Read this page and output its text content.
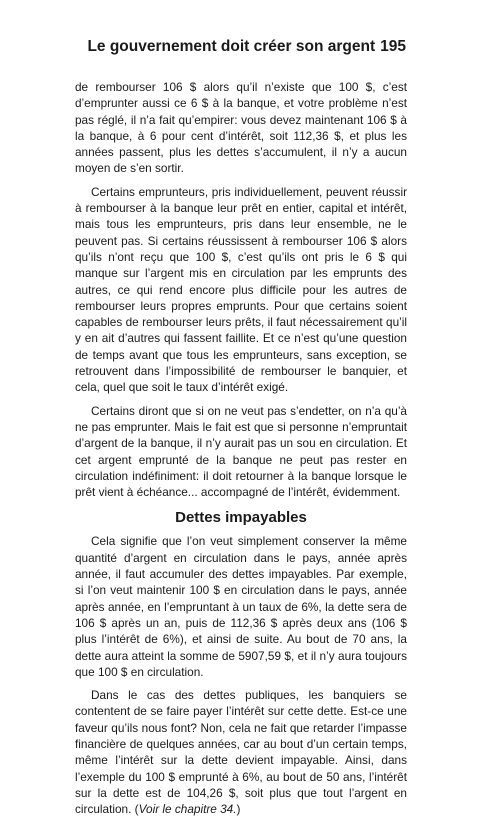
Le gouvernement doit créer son argent 195

de rembourser 106 $ alors qu’il n’existe que 100 $, c’est d’emprunter aussi ce 6 $ à la banque, et votre problème n’est pas réglé, il n’a fait qu’empirer: vous devez maintenant 106 $ à la banque, à 6 pour cent d’intérêt, soit 112,36 $, et plus les années passent, plus les dettes s’accumulent, il n’y a aucun moyen de s’en sortir.

Certains emprunteurs, pris individuellement, peuvent réussir à rembourser à la banque leur prêt en entier, capital et intérêt, mais tous les emprunteurs, pris dans leur ensemble, ne le peuvent pas. Si certains réussissent à rembourser 106 $ alors qu’ils n’ont reçu que 100 $, c’est qu’ils ont pris le 6 $ qui manque sur l’argent mis en circulation par les emprunts des autres, ce qui rend encore plus difficile pour les autres de rembourser leurs propres emprunts. Pour que certains soient capables de rembourser leurs prêts, il faut nécessairement qu’il y en ait d’autres qui fassent faillite. Et ce n’est qu’une question de temps avant que tous les emprunteurs, sans exception, se retrouvent dans l’impossibilité de rembourser le banquier, et cela, quel que soit le taux d’intérêt exigé.

Certains diront que si on ne veut pas s’endetter, on n’a qu’à ne pas emprunter. Mais le fait est que si personne n’empruntait d’argent de la banque, il n’y aurait pas un sou en circulation. Et cet argent emprunté de la banque ne peut pas rester en circulation indéfiniment: il doit retourner à la banque lorsque le prêt vient à échéance... accompagné de l’intérêt, évidemment.

Dettes impayables

Cela signifie que l’on veut simplement conserver la même quantité d’argent en circulation dans le pays, année après année, il faut accumuler des dettes impayables. Par exemple, si l’on veut maintenir 100 $ en circulation dans le pays, année après année, en l’empruntant à un taux de 6%, la dette sera de 106 $ après un an, puis de 112,36 $ après deux ans (106 $ plus l’intérêt de 6%), et ainsi de suite. Au bout de 70 ans, la dette aura atteint la somme de 5907,59 $, et il n’y aura toujours que 100 $ en circulation.

Dans le cas des dettes publiques, les banquiers se contentent de se faire payer l’intérêt sur cette dette. Est-ce une faveur qu’ils nous font? Non, cela ne fait que retarder l’impasse financière de quelques années, car au bout d’un certain temps, même l’intérêt sur la dette devient impayable. Ainsi, dans l’exemple du 100 $ emprunté à 6%, au bout de 50 ans, l’intérêt sur la dette est de 104,26 $, soit plus que tout l’argent en circulation. (Voir le chapitre 34.)
